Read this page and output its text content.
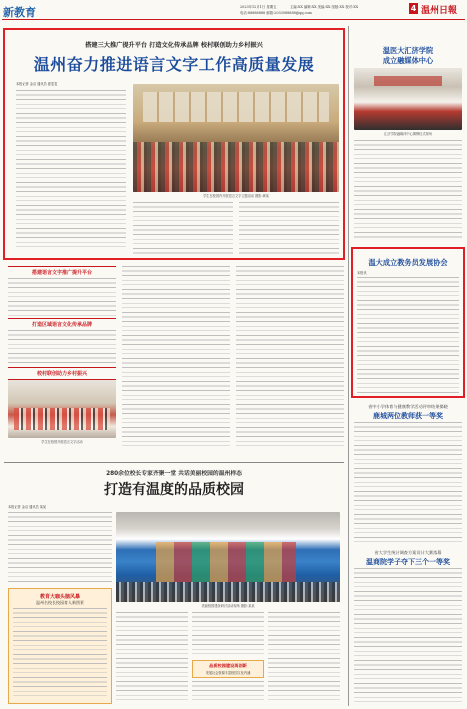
新教育	2023年12月1日 星期五	主编:XX 编辑:XX 美编:XX 组版:XX 校对:XX
电话:88888888 邮箱:2033088888@qq.com	4 温州日報
搭建三大推广提升平台 打造文化传承品牌 校村联创助力乡村振兴
温州奋力推进语言文字工作高质量发展
本报记者 金洁 通讯员 夏雯雯
学生在校园内开展语言文字主题活动 摄影:黄某
搭建语言文字推广提升平台
打造区域语言文化传承品牌
校村联创助力乡村振兴
学生在校园开展语言文字活动
280余位校长专家齐聚一堂 共话美丽校园的温州样态
打造有温度的品质校园
本报记者 金洁 通讯员 某某
教育大咖头脑风暴
温州名校长校园育人新图景
美丽校园建设研讨活动现场 摄影:某某
品质校园建设再创新
发展社会资源丰富校园文化内涵
温医大汇济学院
成立融媒体中心
汇济学院融媒体中心揭牌仪式现场
温大成立教务员发展协会
本报讯
省中小学体育与健康教学活动评审结果揭晓
鹿城两位教师获一等奖
省大学生统计调查方案设计大赛落幕
温商院学子夺下三个一等奖
